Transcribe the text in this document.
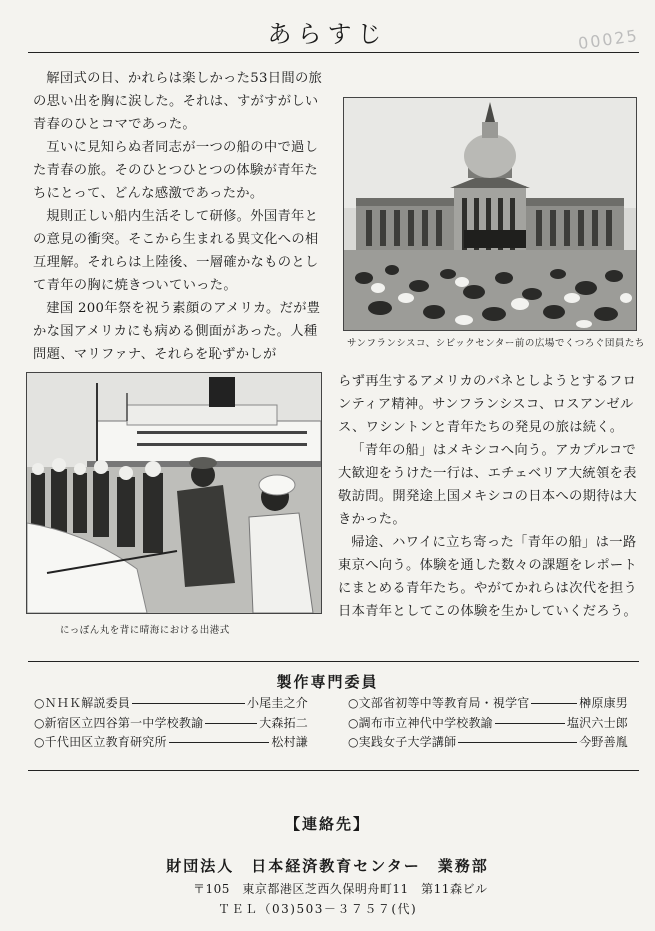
あらすじ	00025

解団式の日、かれらは楽しかった53日間の旅の思い出を胸に涙した。それは、すがすがしい青春のひとコマであった。

互いに見知らぬ者同志が一つの船の中で過した青春の旅。そのひとつひとつの体験が青年たちにとって、どんな感激であったか。

規則正しい船内生活そして研修。外国青年との意見の衝突。そこから生まれる異文化への相互理解。それらは上陸後、一層確かなものとして青年の胸に焼きついていった。

建国 200年祭を祝う素顔のアメリカ。だが豊かな国アメリカにも病める側面があった。人種問題、マリファナ、それらを恥ずかしが

サンフランシスコ、シビックセンター前の広場でくつろぐ団員たち
にっぽん丸を背に晴海における出港式

らず再生するアメリカのバネとしようとするフロンティア精神。サンフランシスコ、ロスアンゼルス、ワシントンと青年たちの発見の旅は続く。

「青年の船」はメキシコへ向う。アカプルコで大歓迎をうけた一行は、エチェベリア大統領を表敬訪問。開発途上国メキシコの日本への期待は大きかった。

帰途、ハワイに立ち寄った「青年の船」は一路東京へ向う。体験を通した数々の課題をレポートにまとめる青年たち。やがてかれらは次代を担う日本青年としてこの体験を生かしていくだろう。

製作専門委員
○ＮＨＫ解説委員	小尾圭之介
○新宿区立四谷第一中学校教諭	大森拓二
○千代田区立教育研究所	松村謙
○文部省初等中等教育局・視学官	榊原康男
○調布市立神代中学校教諭	塩沢六士郎
○実践女子大学講師	今野善胤
【連絡先】
財団法人　日本経済教育センター　業務部
〒105　東京都港区芝西久保明舟町11　第11森ビル
ＴＥＬ（03)503－３７５７(代)
